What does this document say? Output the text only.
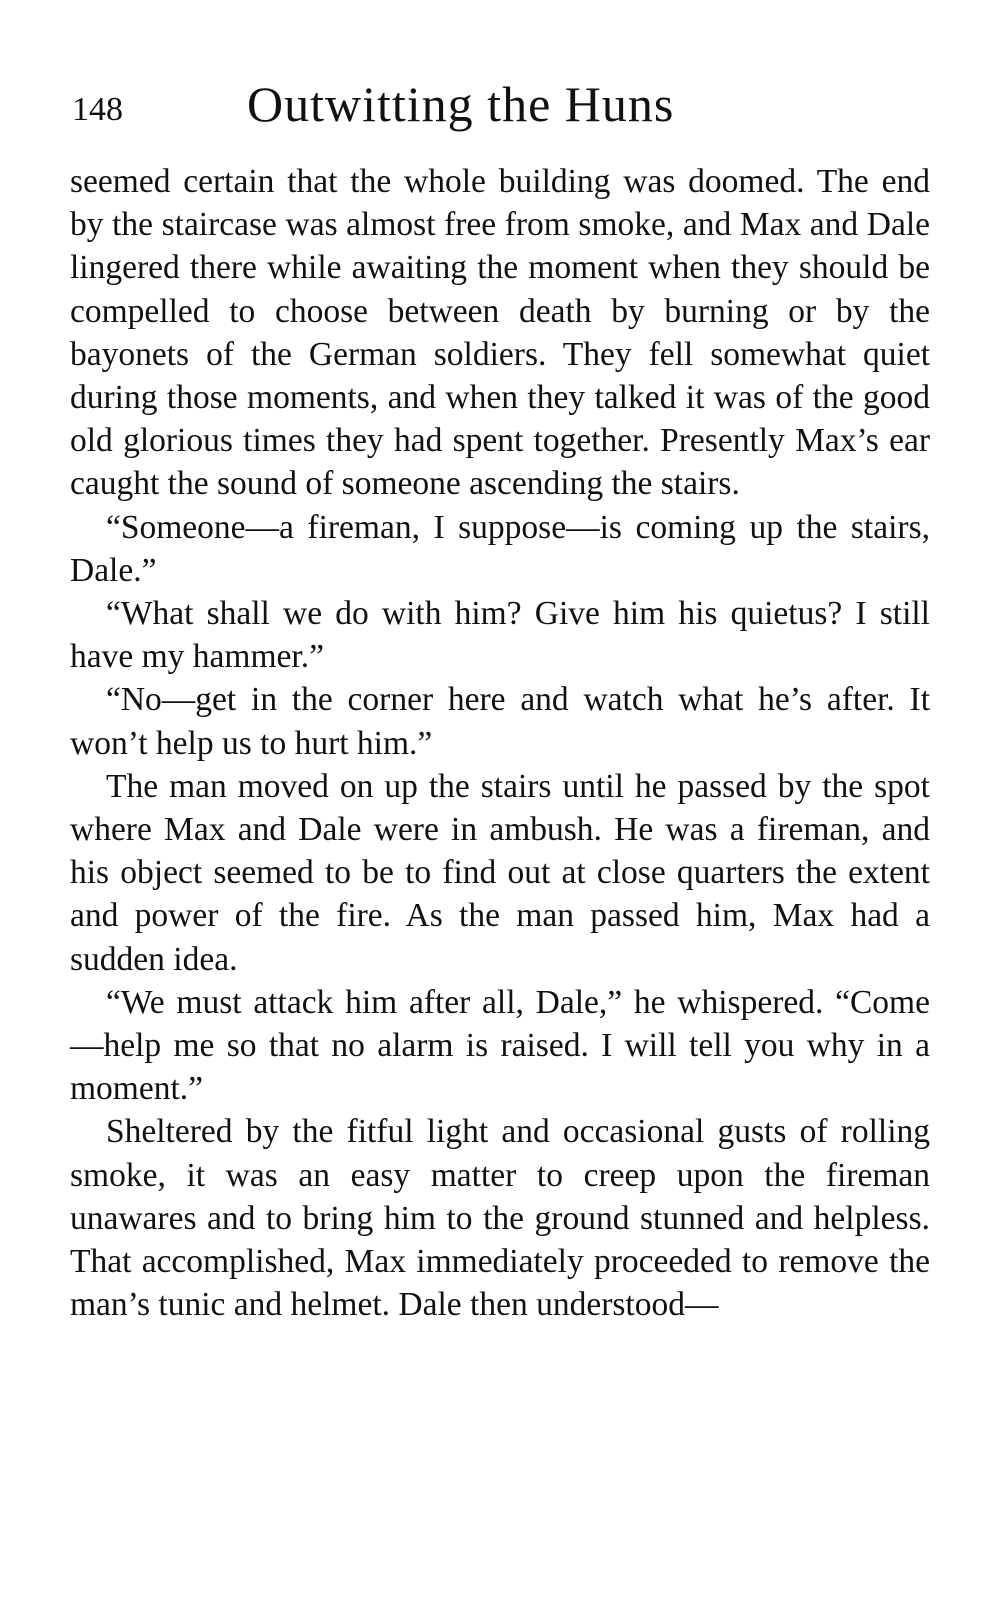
148 Outwitting the Huns

seemed certain that the whole building was doomed. The end by the staircase was almost free from smoke, and Max and Dale lingered there while awaiting the moment when they should be compelled to choose between death by burning or by the bayonets of the German soldiers. They fell somewhat quiet during those moments, and when they talked it was of the good old glorious times they had spent together. Presently Max’s ear caught the sound of someone ascending the stairs.

“Someone—a fireman, I suppose—is coming up the stairs, Dale.”

“What shall we do with him? Give him his quietus? I still have my hammer.”

“No—get in the corner here and watch what he’s after. It won’t help us to hurt him.”

The man moved on up the stairs until he passed by the spot where Max and Dale were in ambush. He was a fireman, and his object seemed to be to find out at close quarters the extent and power of the fire. As the man passed him, Max had a sudden idea.

“We must attack him after all, Dale,” he whispered. “Come—help me so that no alarm is raised. I will tell you why in a moment.”

Sheltered by the fitful light and occasional gusts of rolling smoke, it was an easy matter to creep upon the fireman unawares and to bring him to the ground stunned and helpless. That accomplished, Max immediately proceeded to remove the man’s tunic and helmet. Dale then understood—
